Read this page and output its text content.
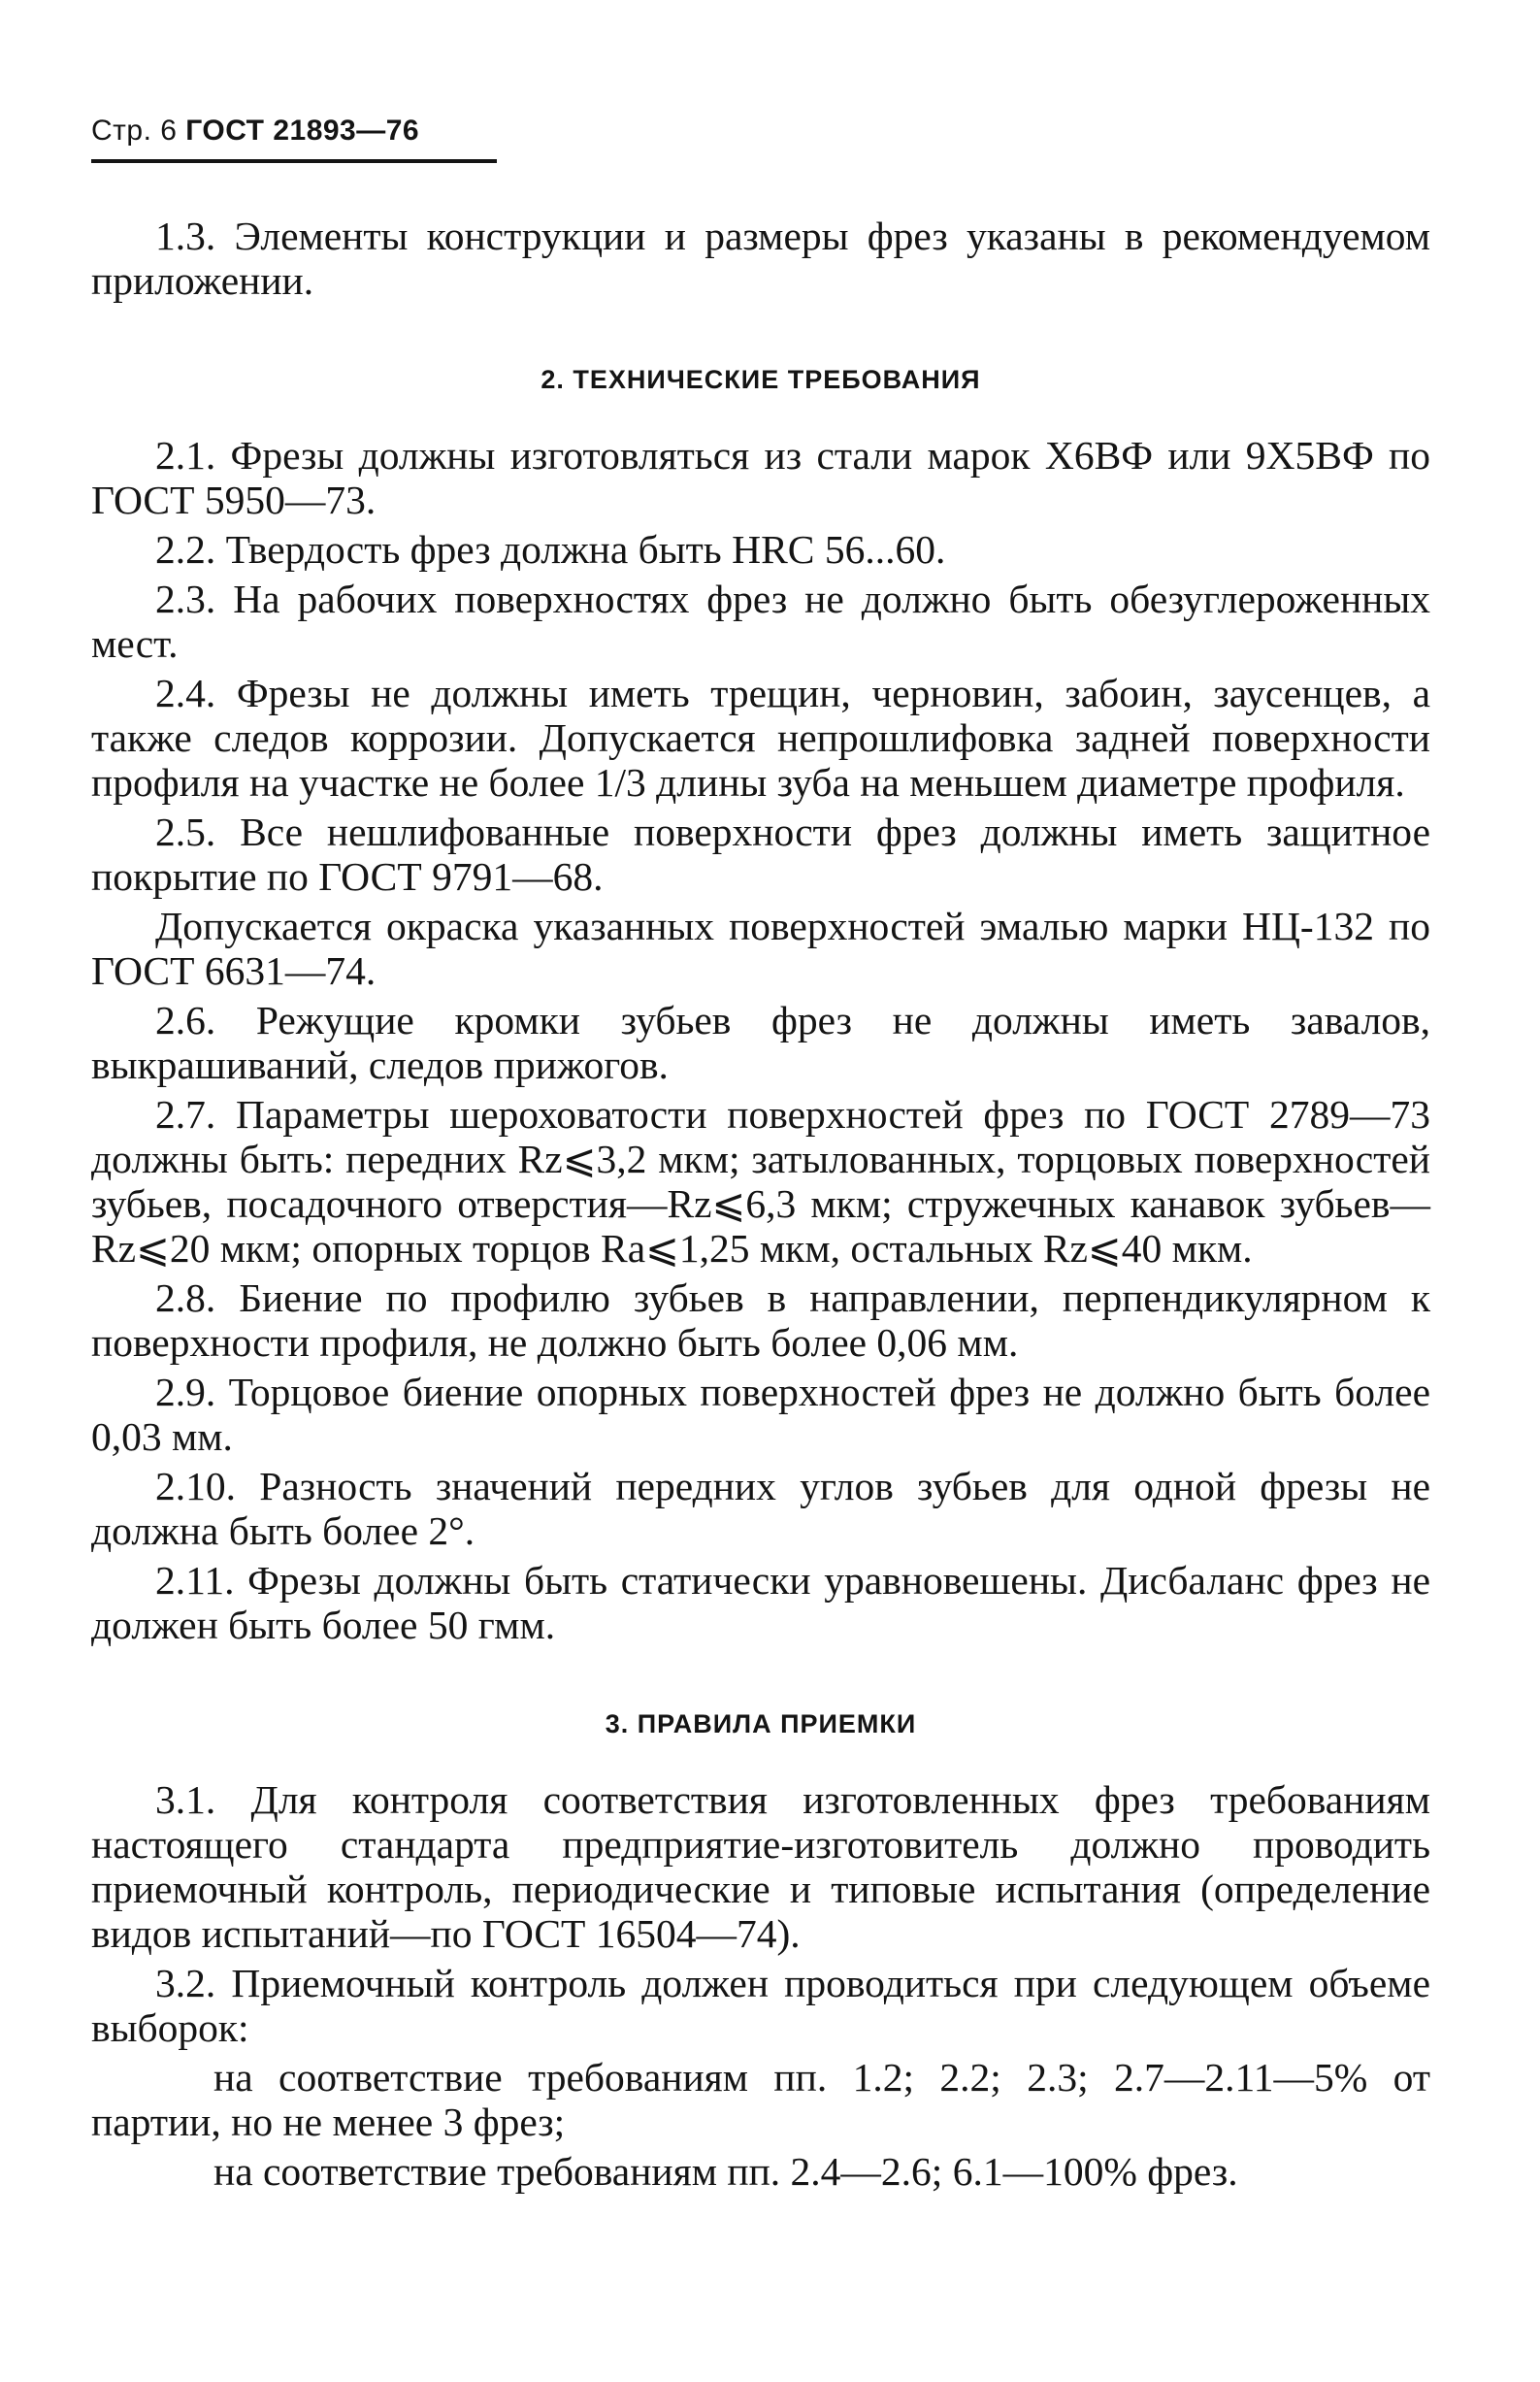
Стр. 6 ГОСТ 21893—76

1.3. Элементы конструкции и размеры фрез указаны в рекомендуемом приложении.

2. ТЕХНИЧЕСКИЕ ТРЕБОВАНИЯ

2.1. Фрезы должны изготовляться из стали марок Х6ВФ или 9Х5ВФ по ГОСТ 5950—73.

2.2. Твердость фрез должна быть HRC 56...60.

2.3. На рабочих поверхностях фрез не должно быть обезуглероженных мест.

2.4. Фрезы не должны иметь трещин, черновин, забоин, заусенцев, а также следов коррозии. Допускается непрошлифовка задней поверхности профиля на участке не более 1/3 длины зуба на меньшем диаметре профиля.

2.5. Все нешлифованные поверхности фрез должны иметь защитное покрытие по ГОСТ 9791—68.

Допускается окраска указанных поверхностей эмалью марки НЦ-132 по ГОСТ 6631—74.

2.6. Режущие кромки зубьев фрез не должны иметь завалов, выкрашиваний, следов прижогов.

2.7. Параметры шероховатости поверхностей фрез по ГОСТ 2789—73 должны быть: передних Rz⩽3,2 мкм; затылованных, торцовых поверхностей зубьев, посадочного отверстия—Rz⩽6,3 мкм; стружечных канавок зубьев—Rz⩽20 мкм; опорных торцов Ra⩽1,25 мкм, остальных Rz⩽40 мкм.

2.8. Биение по профилю зубьев в направлении, перпендикулярном к поверхности профиля, не должно быть более 0,06 мм.

2.9. Торцовое биение опорных поверхностей фрез не должно быть более 0,03 мм.

2.10. Разность значений передних углов зубьев для одной фрезы не должна быть более 2°.

2.11. Фрезы должны быть статически уравновешены. Дисбаланс фрез не должен быть более 50 гмм.

3. ПРАВИЛА ПРИЕМКИ

3.1. Для контроля соответствия изготовленных фрез требованиям настоящего стандарта предприятие-изготовитель должно проводить приемочный контроль, периодические и типовые испытания (определение видов испытаний—по ГОСТ 16504—74).

3.2. Приемочный контроль должен проводиться при следующем объеме выборок:

на соответствие требованиям пп. 1.2; 2.2; 2.3; 2.7—2.11—5% от партии, но не менее 3 фрез;

на соответствие требованиям пп. 2.4—2.6; 6.1—100% фрез.
